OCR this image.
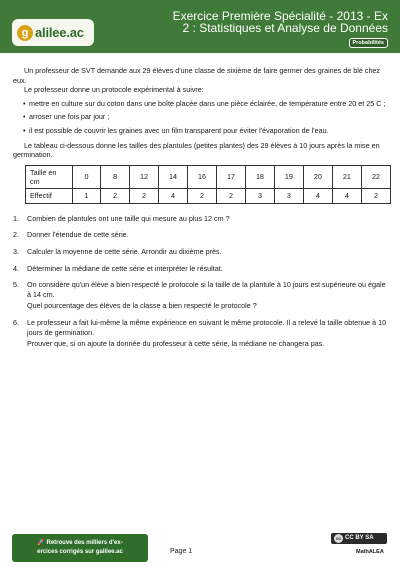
g alilee.ac
Exercice Première Spécialité - 2013 - Ex
2 : Statistiques et Analyse de Données
Probabilités

Un professeur de SVT demande aux 29 élèves d'une classe de sixième de faire germer des graines de blé chez eux.

Le professeur donne un protocole expérimental à suivre:

• mettre en culture sur du coton dans une boîte placée dans une pièce éclairée, de température entre 20 et 25 C ;
• arroser une fois par jour ;
• il est possible de couvrir les graines avec un film transparent pour éviter l'évaporation de l'eau.

Le tableau ci-dessous donne les tailles des plantules (petites plantes) des 29 élèves à 10 jours après la mise en germination.

Taille en cm	0	8	12	14	16	17	18	19	20	21	22
Effectif	1	2	2	4	2	2	3	3	4	4	2
1. Combien de plantules ont une taille qui mesure au plus 12 cm ?
2. Donner l'étendue de cette série.
3. Calculer la moyenne de cette série. Arrondir au dixième près.
4. Déterminer la médiane de cette série et interpréter le résultat.
5. On considère qu'un élève a bien respecté le protocole si la taille de la plantule à 10 jours est supérieure ou égale à 14 cm.
Quel pourcentage des élèves de la classe a bien respecté le protocole ?
6. Le professeur a fait lui-même la même expérience en suivant le même protocole. Il a relevé la taille obtenue à 10 jours de germination.
Prouver que, si on ajoute la donnée du professeur à cette série, la médiane ne changera pas.
🚀 Retrouve des milliers d'ex-
ercices corrigés sur galilee.ac	Page 1
cc CC BY SA
MathALEA
